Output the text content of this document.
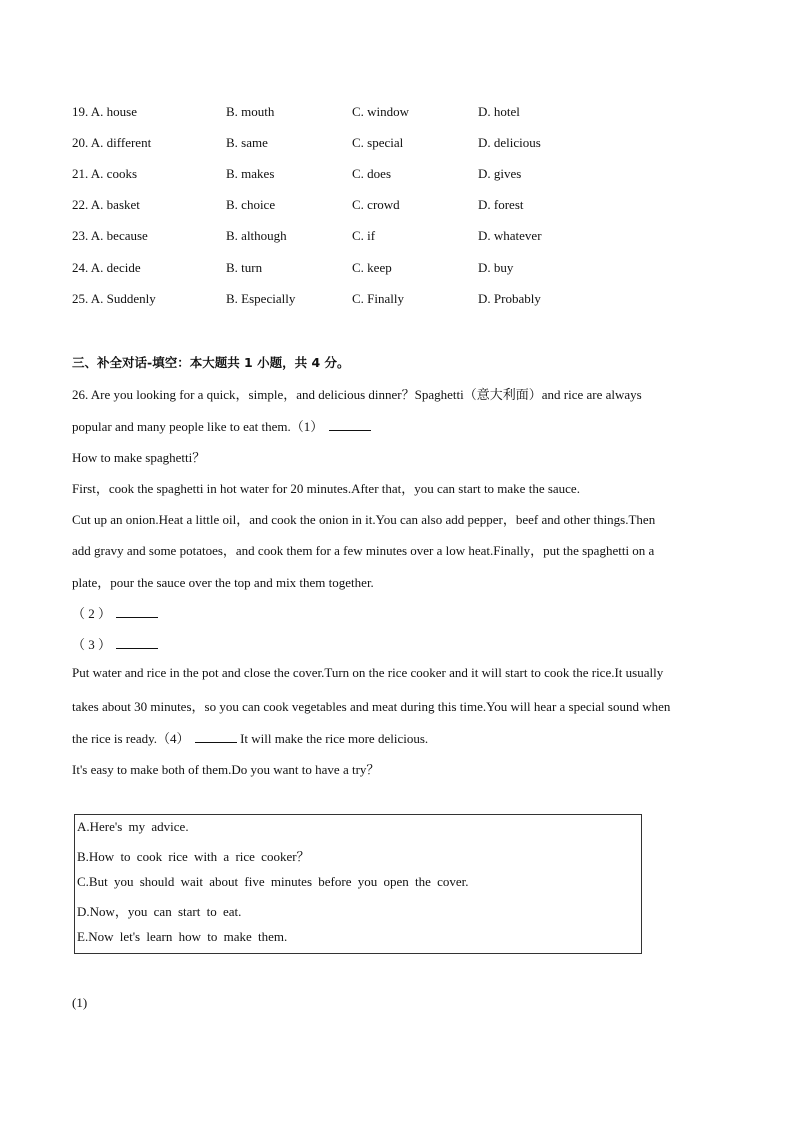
19. A. house	B. mouth	C. window	D. hotel
20. A. different	B. same	C. special	D. delicious
21. A. cooks	B. makes	C. does	D. gives
22. A. basket	B. choice	C. crowd	D. forest
23. A. because	B. although	C. if	D. whatever
24. A. decide	B. turn	C. keep	D. buy
25. A. Suddenly	B. Especially	C. Finally	D. Probably
三、补全对话-填空：本大题共 1 小题，共 4 分。
26. Are you looking for a quick，simple，and delicious dinner？Spaghetti（意大利面）and rice are always
popular and many people like to eat them.（1）
How to make spaghetti？
First，cook the spaghetti in hot water for 20 minutes.After that，you can start to make the sauce.
Cut up an onion.Heat a little oil，and cook the onion in it.You can also add pepper，beef and other things.Then
add gravy and some potatoes，and cook them for a few minutes over a low heat.Finally，put the spaghetti on a
plate，pour the sauce over the top and mix them together.
（ 2 ）
（ 3 ）
Put water and rice in the pot and close the cover.Turn on the rice cooker and it will start to cook the rice.It usually
takes about 30 minutes，so you can cook vegetables and meat during this time.You will hear a special sound when
the rice is ready.（4）	It will make the rice more delicious.
It's easy to make both of them.Do you want to have a try？
A.Here's my advice.
B.How to cook rice with a rice cooker？
C.But you should wait about five minutes before you open the cover.
D.Now，you can start to eat.
E.Now let's learn how to make them.
(1)
